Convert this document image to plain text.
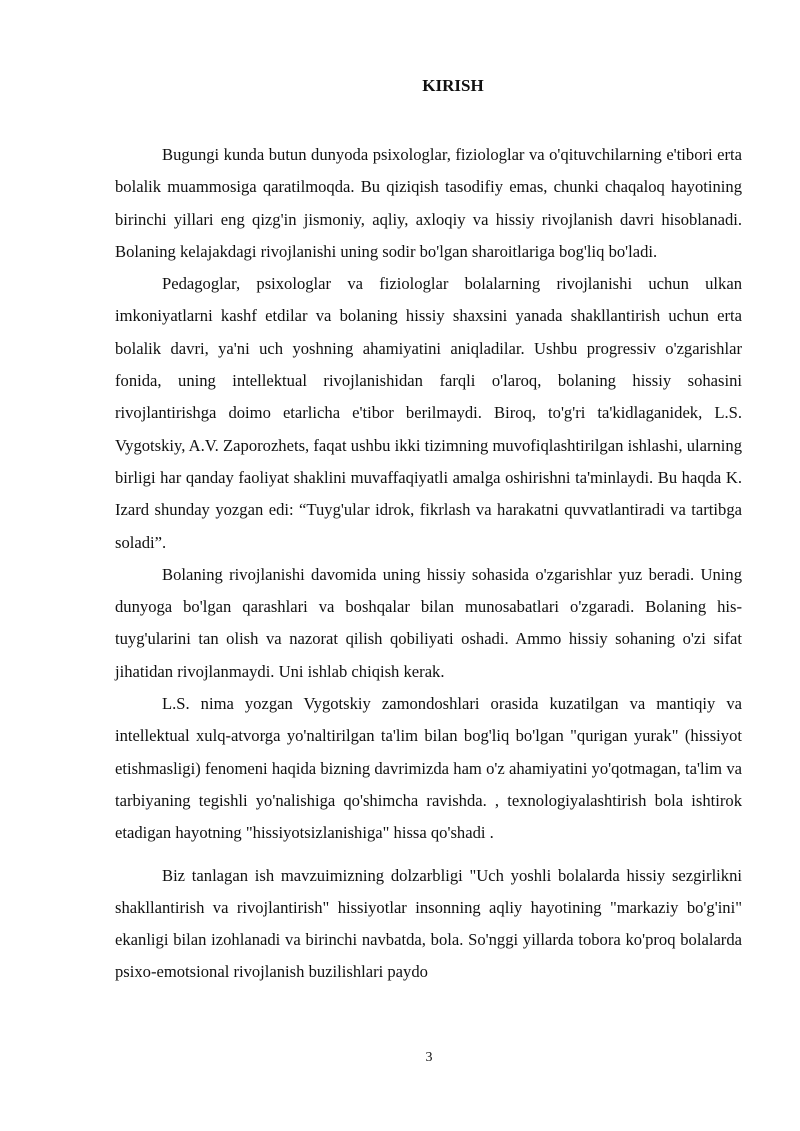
KIRISH

Bugungi kunda butun dunyoda psixologlar, fiziologlar va o'qituvchilarning e'tibori erta bolalik muammosiga qaratilmoqda. Bu qiziqish tasodifiy emas, chunki chaqaloq hayotining birinchi yillari eng qizg'in jismoniy, aqliy, axloqiy va hissiy rivojlanish davri hisoblanadi. Bolaning kelajakdagi rivojlanishi uning sodir bo'lgan sharoitlariga bog'liq bo'ladi.

Pedagoglar, psixologlar va fiziologlar bolalarning rivojlanishi uchun ulkan imkoniyatlarni kashf etdilar va bolaning hissiy shaxsini yanada shakllantirish uchun erta bolalik davri, ya'ni uch yoshning ahamiyatini aniqladilar. Ushbu progressiv o'zgarishlar fonida, uning intellektual rivojlanishidan farqli o'laroq, bolaning hissiy sohasini rivojlantirishga doimo etarlicha e'tibor berilmaydi. Biroq, to'g'ri ta'kidlaganidek, L.S. Vygotskiy, A.V. Zaporozhets, faqat ushbu ikki tizimning muvofiqlashtirilgan ishlashi, ularning birligi har qanday faoliyat shaklini muvaffaqiyatli amalga oshirishni ta'minlaydi. Bu haqda K. Izard shunday yozgan edi: “Tuyg'ular idrok, fikrlash va harakatni quvvatlantiradi va tartibga soladi”.

Bolaning rivojlanishi davomida uning hissiy sohasida o'zgarishlar yuz beradi. Uning dunyoga bo'lgan qarashlari va boshqalar bilan munosabatlari o'zgaradi. Bolaning his-tuyg'ularini tan olish va nazorat qilish qobiliyati oshadi. Ammo hissiy sohaning o'zi sifat jihatidan rivojlanmaydi. Uni ishlab chiqish kerak.

L.S. nima yozgan Vygotskiy zamondoshlari orasida kuzatilgan va mantiqiy va intellektual xulq-atvorga yo'naltirilgan ta'lim bilan bog'liq bo'lgan "qurigan yurak" (hissiyot etishmasligi) fenomeni haqida bizning davrimizda ham o'z ahamiyatini yo'qotmagan, ta'lim va tarbiyaning tegishli yo'nalishiga qo'shimcha ravishda. , texnologiyalashtirish bola ishtirok etadigan hayotning "hissiyotsizlanishiga" hissa qo'shadi .

Biz tanlagan ish mavzuimizning dolzarbligi "Uch yoshli bolalarda hissiy sezgirlikni shakllantirish va rivojlantirish" hissiyotlar insonning aqliy hayotining "markaziy bo'g'ini" ekanligi bilan izohlanadi va birinchi navbatda, bola. So'nggi yillarda tobora ko'proq bolalarda psixo-emotsional rivojlanish buzilishlari paydo

3
